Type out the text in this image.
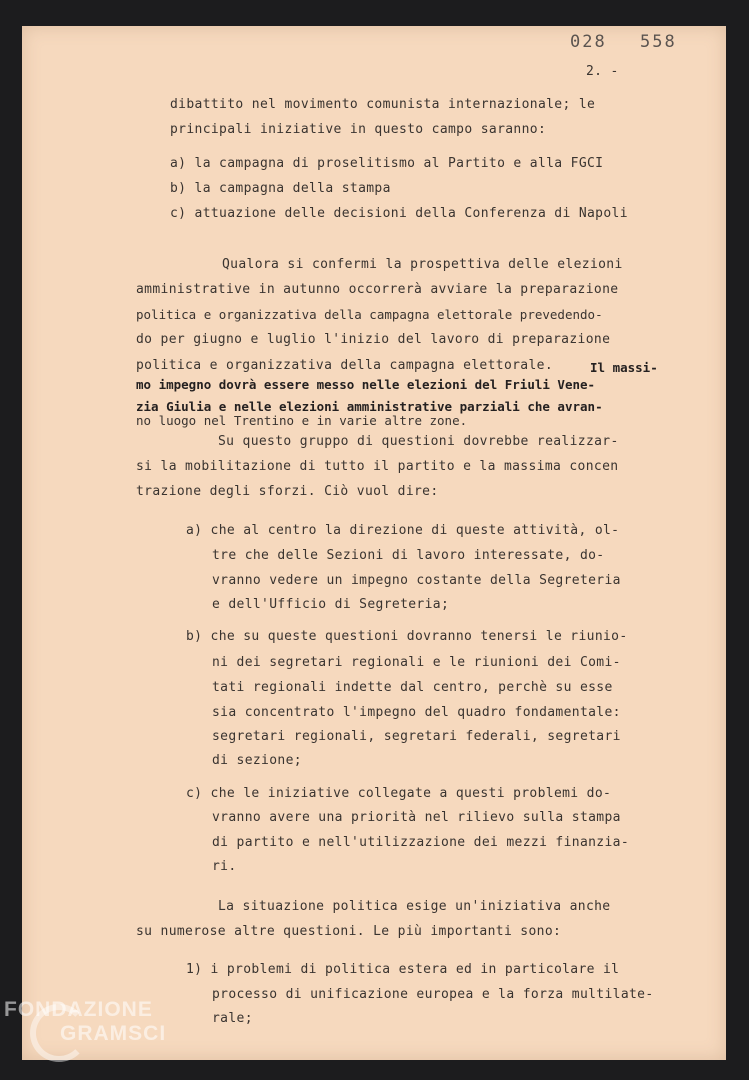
028 558
2. -
dibattito nel movimento comunista internazionale; le
principali iniziative in questo campo saranno:
a) la campagna di proselitismo al Partito e alla FGCI
b) la campagna della stampa
c) attuazione delle decisioni della Conferenza di Napoli
Qualora si confermi la prospettiva delle elezioni
amministrative in autunno occorrerà avviare la preparazione
politica e organizzativa della campagna elettorale prevedendo-
do per giugno e luglio l'inizio del lavoro di preparazione
politica e organizzativa della campagna elettorale.	Il massi-
mo impegno dovrà essere messo nelle elezioni del Friuli Vene-
zia Giulia e nelle elezioni amministrative parziali che avran-
no luogo nel Trentino e in varie altre zone.
Su questo gruppo di questioni dovrebbe realizzar-
si la mobilitazione di tutto il partito e la massima concen
trazione degli sforzi. Ciò vuol dire:
a) che al centro la direzione di queste attività, ol-
tre che delle Sezioni di lavoro interessate, do-
vranno vedere un impegno costante della Segreteria
e dell'Ufficio di Segreteria;
b) che su queste questioni dovranno tenersi le riunio-
ni dei segretari regionali e le riunioni dei Comi-
tati regionali indette dal centro, perchè su esse
sia concentrato l'impegno del quadro fondamentale:
segretari regionali, segretari federali, segretari
di sezione;
c) che le iniziative collegate a questi problemi do-
vranno avere una priorità nel rilievo sulla stampa
di partito e nell'utilizzazione dei mezzi finanzia-
ri.
La situazione politica esige un'iniziativa anche
su numerose altre questioni. Le più importanti sono:
1) i problemi di politica estera ed in particolare il
processo di unificazione europea e la forza multilate-
rale;
FONDAZIONE
GRAMSCI
